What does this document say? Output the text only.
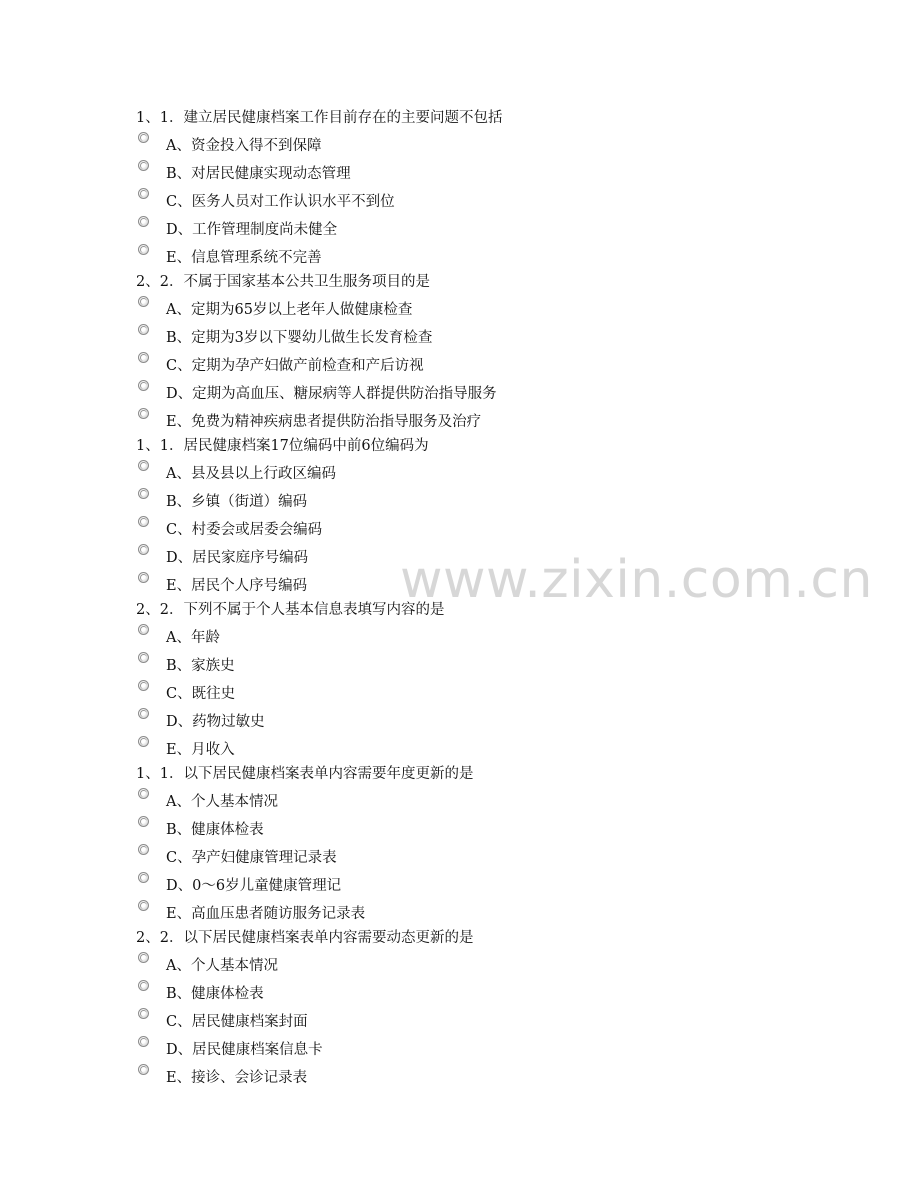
www.zixin.com.cn
1、1．建立居民健康档案工作目前存在的主要问题不包括
A、资金投入得不到保障
B、对居民健康实现动态管理
C、医务人员对工作认识水平不到位
D、工作管理制度尚未健全
E、信息管理系统不完善
2、2．不属于国家基本公共卫生服务项目的是
A、定期为65岁以上老年人做健康检查
B、定期为3岁以下婴幼儿做生长发育检查
C、定期为孕产妇做产前检查和产后访视
D、定期为高血压、糖尿病等人群提供防治指导服务
E、免费为精神疾病患者提供防治指导服务及治疗
1、1．居民健康档案17位编码中前6位编码为
A、县及县以上行政区编码
B、乡镇（街道）编码
C、村委会或居委会编码
D、居民家庭序号编码
E、居民个人序号编码
2、2．下列不属于个人基本信息表填写内容的是
A、年龄
B、家族史
C、既往史
D、药物过敏史
E、月收入
1、1．以下居民健康档案表单内容需要年度更新的是
A、个人基本情况
B、健康体检表
C、孕产妇健康管理记录表
D、0～6岁儿童健康管理记
E、高血压患者随访服务记录表
2、2．以下居民健康档案表单内容需要动态更新的是
A、个人基本情况
B、健康体检表
C、居民健康档案封面
D、居民健康档案信息卡
E、接诊、会诊记录表
